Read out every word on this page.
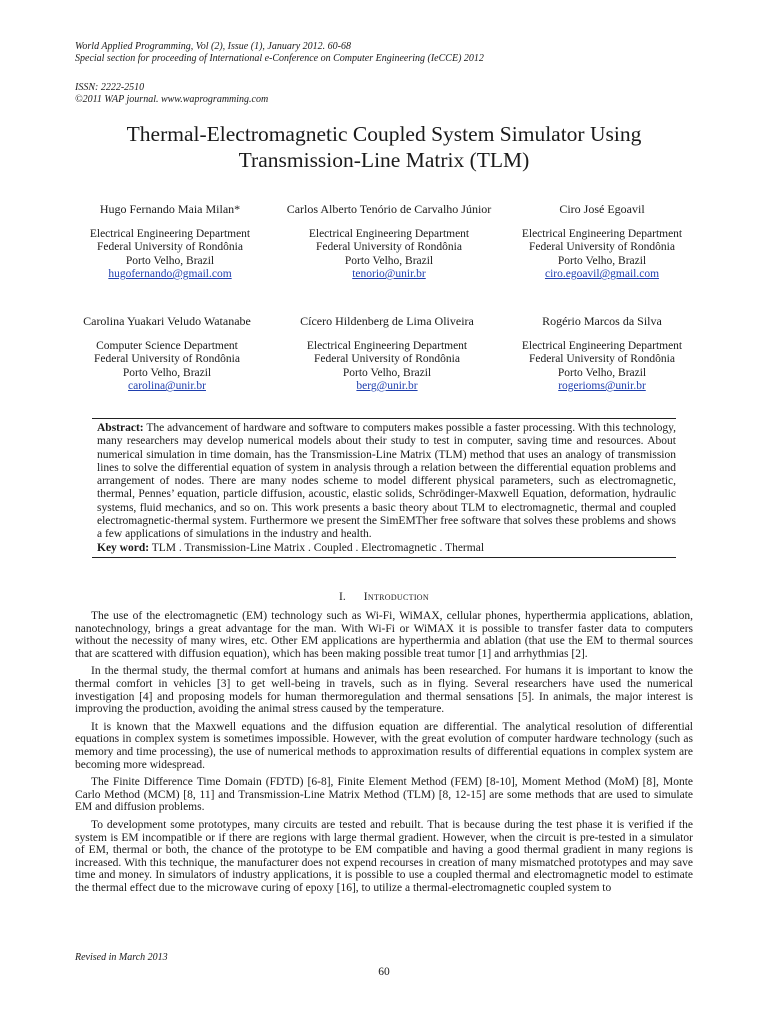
World Applied Programming, Vol (2), Issue (1), January 2012. 60-68
Special section for proceeding of International e-Conference on Computer Engineering (IeCCE) 2012
ISSN: 2222-2510
©2011 WAP journal. www.waprogramming.com
Thermal-Electromagnetic Coupled System Simulator Using
Transmission-Line Matrix (TLM)
Hugo Fernando Maia Milan*
Electrical Engineering Department
Federal University of Rondônia
Porto Velho, Brazil
hugofernando@gmail.com
Carlos Alberto Tenório de Carvalho Júnior
Electrical Engineering Department
Federal University of Rondônia
Porto Velho, Brazil
tenorio@unir.br
Ciro José Egoavil
Electrical Engineering Department
Federal University of Rondônia
Porto Velho, Brazil
ciro.egoavil@gmail.com
Carolina Yuakari Veludo Watanabe
Computer Science Department
Federal University of Rondônia
Porto Velho, Brazil
carolina@unir.br
Cícero Hildenberg de Lima Oliveira
Electrical Engineering Department
Federal University of Rondônia
Porto Velho, Brazil
berg@unir.br
Rogério Marcos da Silva
Electrical Engineering Department
Federal University of Rondônia
Porto Velho, Brazil
rogerioms@unir.br
Abstract: The advancement of hardware and software to computers makes possible a faster processing. With this technology, many researchers may develop numerical models about their study to test in computer, saving time and resources. About numerical simulation in time domain, has the Transmission-Line Matrix (TLM) method that uses an analogy of transmission lines to solve the differential equation of system in analysis through a relation between the differential equation problems and arrangement of nodes. There are many nodes scheme to model different physical parameters, such as electromagnetic, thermal, Pennes’ equation, particle diffusion, acoustic, elastic solids, Schrödinger-Maxwell Equation, deformation, hydraulic systems, fluid mechanics, and so on. This work presents a basic theory about TLM to electromagnetic, thermal and coupled electromagnetic-thermal system. Furthermore we present the SimEMTher free software that solves these problems and shows a few applications of simulations in the industry and health.
Key word: TLM . Transmission-Line Matrix . Coupled . Electromagnetic . Thermal
I. Introduction

The use of the electromagnetic (EM) technology such as Wi-Fi, WiMAX, cellular phones, hyperthermia applications, ablation, nanotechnology, brings a great advantage for the man. With Wi-Fi or WiMAX it is possible to transfer faster data to computers without the necessity of many wires, etc. Other EM applications are hyperthermia and ablation (that use the EM to thermal sources that are scattered with diffusion equation), which has been making possible treat tumor [1] and arrhythmias [2].

In the thermal study, the thermal comfort at humans and animals has been researched. For humans it is important to know the thermal comfort in vehicles [3] to get well-being in travels, such as in flying. Several researchers have used the numerical investigation [4] and proposing models for human thermoregulation and thermal sensations [5]. In animals, the major interest is improving the production, avoiding the animal stress caused by the temperature.

It is known that the Maxwell equations and the diffusion equation are differential. The analytical resolution of differential equations in complex system is sometimes impossible. However, with the great evolution of computer hardware technology (such as memory and time processing), the use of numerical methods to approximation results of differential equations in complex system are becoming more widespread.

The Finite Difference Time Domain (FDTD) [6-8], Finite Element Method (FEM) [8-10], Moment Method (MoM) [8], Monte Carlo Method (MCM) [8, 11] and Transmission-Line Matrix Method (TLM) [8, 12-15] are some methods that are used to simulate EM and diffusion problems.

To development some prototypes, many circuits are tested and rebuilt. That is because during the test phase it is verified if the system is EM incompatible or if there are regions with large thermal gradient. However, when the circuit is pre-tested in a simulator of EM, thermal or both, the chance of the prototype to be EM compatible and having a good thermal gradient in many regions is increased. With this technique, the manufacturer does not expend recourses in creation of many mismatched prototypes and may save time and money. In simulators of industry applications, it is possible to use a coupled thermal and electromagnetic model to estimate the thermal effect due to the microwave curing of epoxy [16], to utilize a thermal-electromagnetic coupled system to

Revised in March 2013
60
